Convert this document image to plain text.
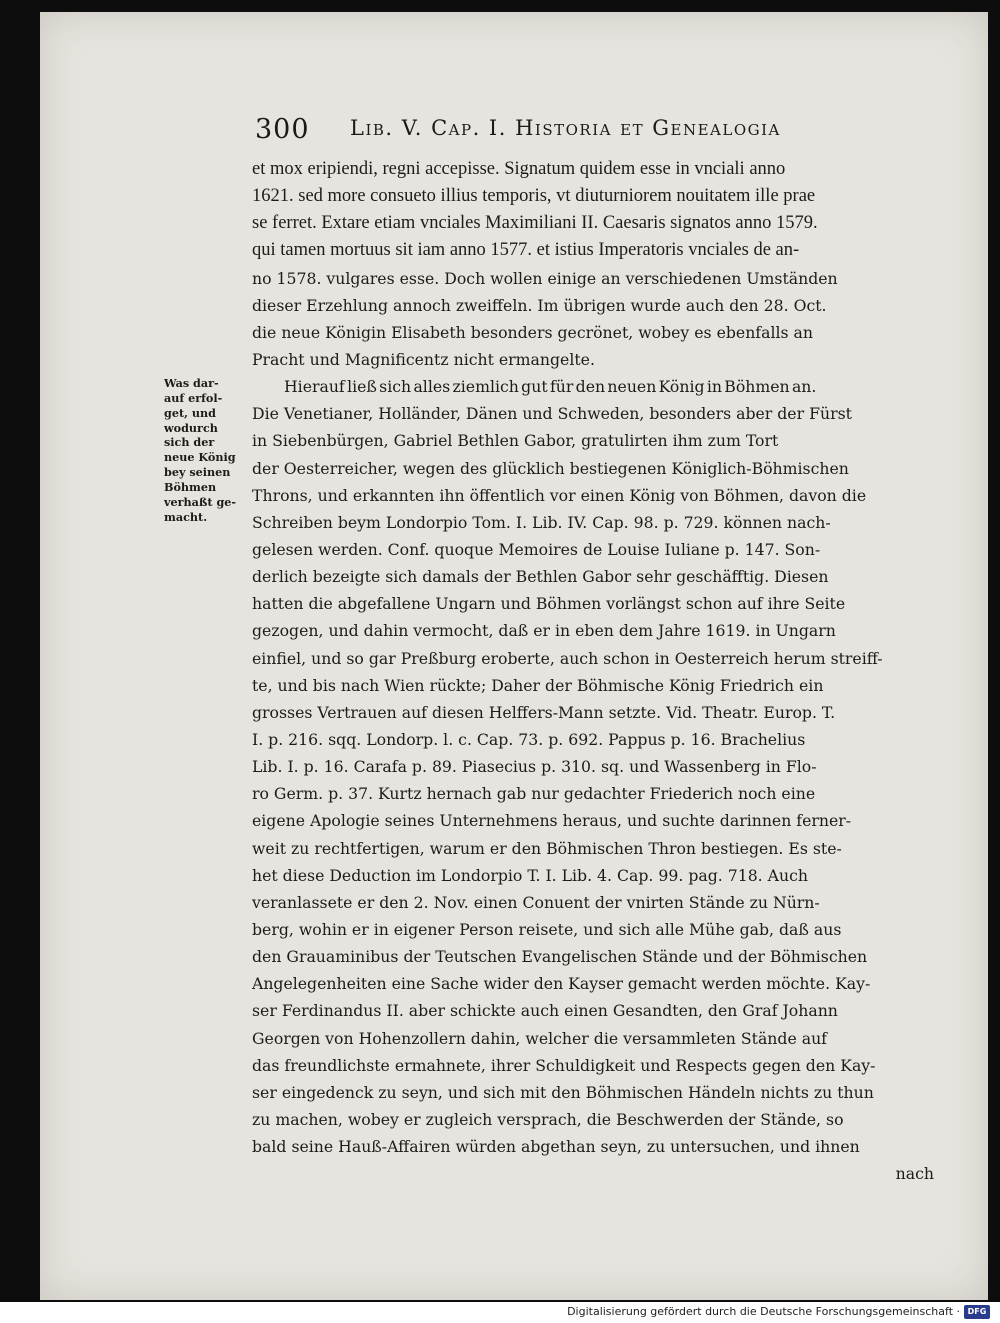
300 Lib. V. Cap. I. Historia et Genealogia
Was dar-
auf erfol-
get, und
wodurch
sich der
neue König
bey seinen
Böhmen
verhaßt ge-
macht.
et mox eripiendi, regni accepisse. Signatum quidem esse in vnciali anno
1621. sed more consueto illius temporis, vt diuturniorem nouitatem ille prae
se ferret. Extare etiam vnciales Maximiliani II. Caesaris signatos anno 1579.
qui tamen mortuus sit iam anno 1577. et istius Imperatoris vnciales de an-
no 1578. vulgares esse. Doch wollen einige an verschiedenen Umständen
dieser Erzehlung annoch zweiffeln. Im übrigen wurde auch den 28. Oct.
die neue Königin Elisabeth besonders gecrönet, wobey es ebenfalls an
Pracht und Magnificentz nicht ermangelte.
Hierauf ließ sich alles ziemlich gut für den neuen König in Böhmen an.
Die Venetianer, Holländer, Dänen und Schweden, besonders aber der Fürst
in Siebenbürgen, Gabriel Bethlen Gabor, gratulirten ihm zum Tort
der Oesterreicher, wegen des glücklich bestiegenen Königlich-Böhmischen
Throns, und erkannten ihn öffentlich vor einen König von Böhmen, davon die
Schreiben beym Londorpio Tom. I. Lib. IV. Cap. 98. p. 729. können nach-
gelesen werden. Conf. quoque Memoires de Louise Iuliane p. 147. Son-
derlich bezeigte sich damals der Bethlen Gabor sehr geschäfftig. Diesen
hatten die abgefallene Ungarn und Böhmen vorlängst schon auf ihre Seite
gezogen, und dahin vermocht, daß er in eben dem Jahre 1619. in Ungarn
einfiel, und so gar Preßburg eroberte, auch schon in Oesterreich herum streiff-
te, und bis nach Wien rückte; Daher der Böhmische König Friedrich ein
grosses Vertrauen auf diesen Helffers-Mann setzte. Vid. Theatr. Europ. T.
I. p. 216. sqq. Londorp. l. c. Cap. 73. p. 692. Pappus p. 16. Brachelius
Lib. I. p. 16. Carafa p. 89. Piasecius p. 310. sq. und Wassenberg in Flo-
ro Germ. p. 37. Kurtz hernach gab nur gedachter Friederich noch eine
eigene Apologie seines Unternehmens heraus, und suchte darinnen ferner-
weit zu rechtfertigen, warum er den Böhmischen Thron bestiegen. Es ste-
het diese Deduction im Londorpio T. I. Lib. 4. Cap. 99. pag. 718. Auch
veranlassete er den 2. Nov. einen Conuent der vnirten Stände zu Nürn-
berg, wohin er in eigener Person reisete, und sich alle Mühe gab, daß aus
den Grauaminibus der Teutschen Evangelischen Stände und der Böhmischen
Angelegenheiten eine Sache wider den Kayser gemacht werden möchte. Kay-
ser Ferdinandus II. aber schickte auch einen Gesandten, den Graf Johann
Georgen von Hohenzollern dahin, welcher die versammleten Stände auf
das freundlichste ermahnete, ihrer Schuldigkeit und Respects gegen den Kay-
ser eingedenck zu seyn, und sich mit den Böhmischen Händeln nichts zu thun
zu machen, wobey er zugleich versprach, die Beschwerden der Stände, so
bald seine Hauß-Affairen würden abgethan seyn, zu untersuchen, und ihnen
nach
Digitalisierung gefördert durch die Deutsche Forschungsgemeinschaft · DFG
